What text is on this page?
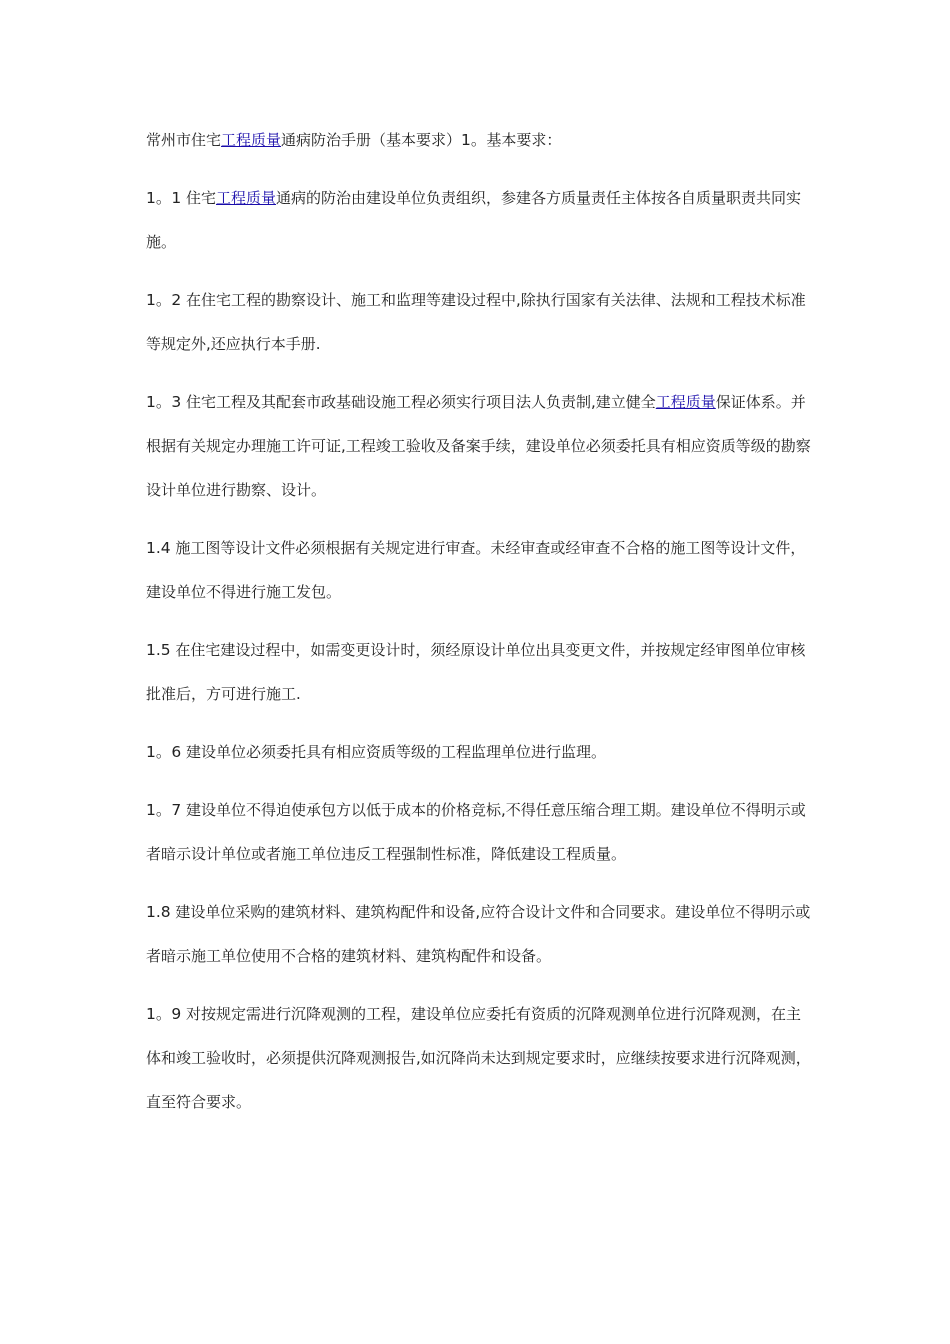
常州市住宅工程质量通病防治手册（基本要求）1。基本要求：

1。1 住宅工程质量通病的防治由建设单位负责组织，参建各方质量责任主体按各自质量职责共同实施。

1。2 在住宅工程的勘察设计、施工和监理等建设过程中,除执行国家有关法律、法规和工程技术标准等规定外,还应执行本手册.

1。3 住宅工程及其配套市政基础设施工程必须实行项目法人负责制,建立健全工程质量保证体系。并根据有关规定办理施工许可证,工程竣工验收及备案手续，建设单位必须委托具有相应资质等级的勘察设计单位进行勘察、设计。

1.4 施工图等设计文件必须根据有关规定进行审查。未经审查或经审查不合格的施工图等设计文件，建设单位不得进行施工发包。

1.5 在住宅建设过程中，如需变更设计时，须经原设计单位出具变更文件，并按规定经审图单位审核批准后，方可进行施工.

1。6 建设单位必须委托具有相应资质等级的工程监理单位进行监理。

1。7 建设单位不得迫使承包方以低于成本的价格竞标,不得任意压缩合理工期。建设单位不得明示或者暗示设计单位或者施工单位违反工程强制性标准，降低建设工程质量。

1.8 建设单位采购的建筑材料、建筑构配件和设备,应符合设计文件和合同要求。建设单位不得明示或者暗示施工单位使用不合格的建筑材料、建筑构配件和设备。

1。9 对按规定需进行沉降观测的工程，建设单位应委托有资质的沉降观测单位进行沉降观测，在主体和竣工验收时，必须提供沉降观测报告,如沉降尚未达到规定要求时，应继续按要求进行沉降观测，直至符合要求。
